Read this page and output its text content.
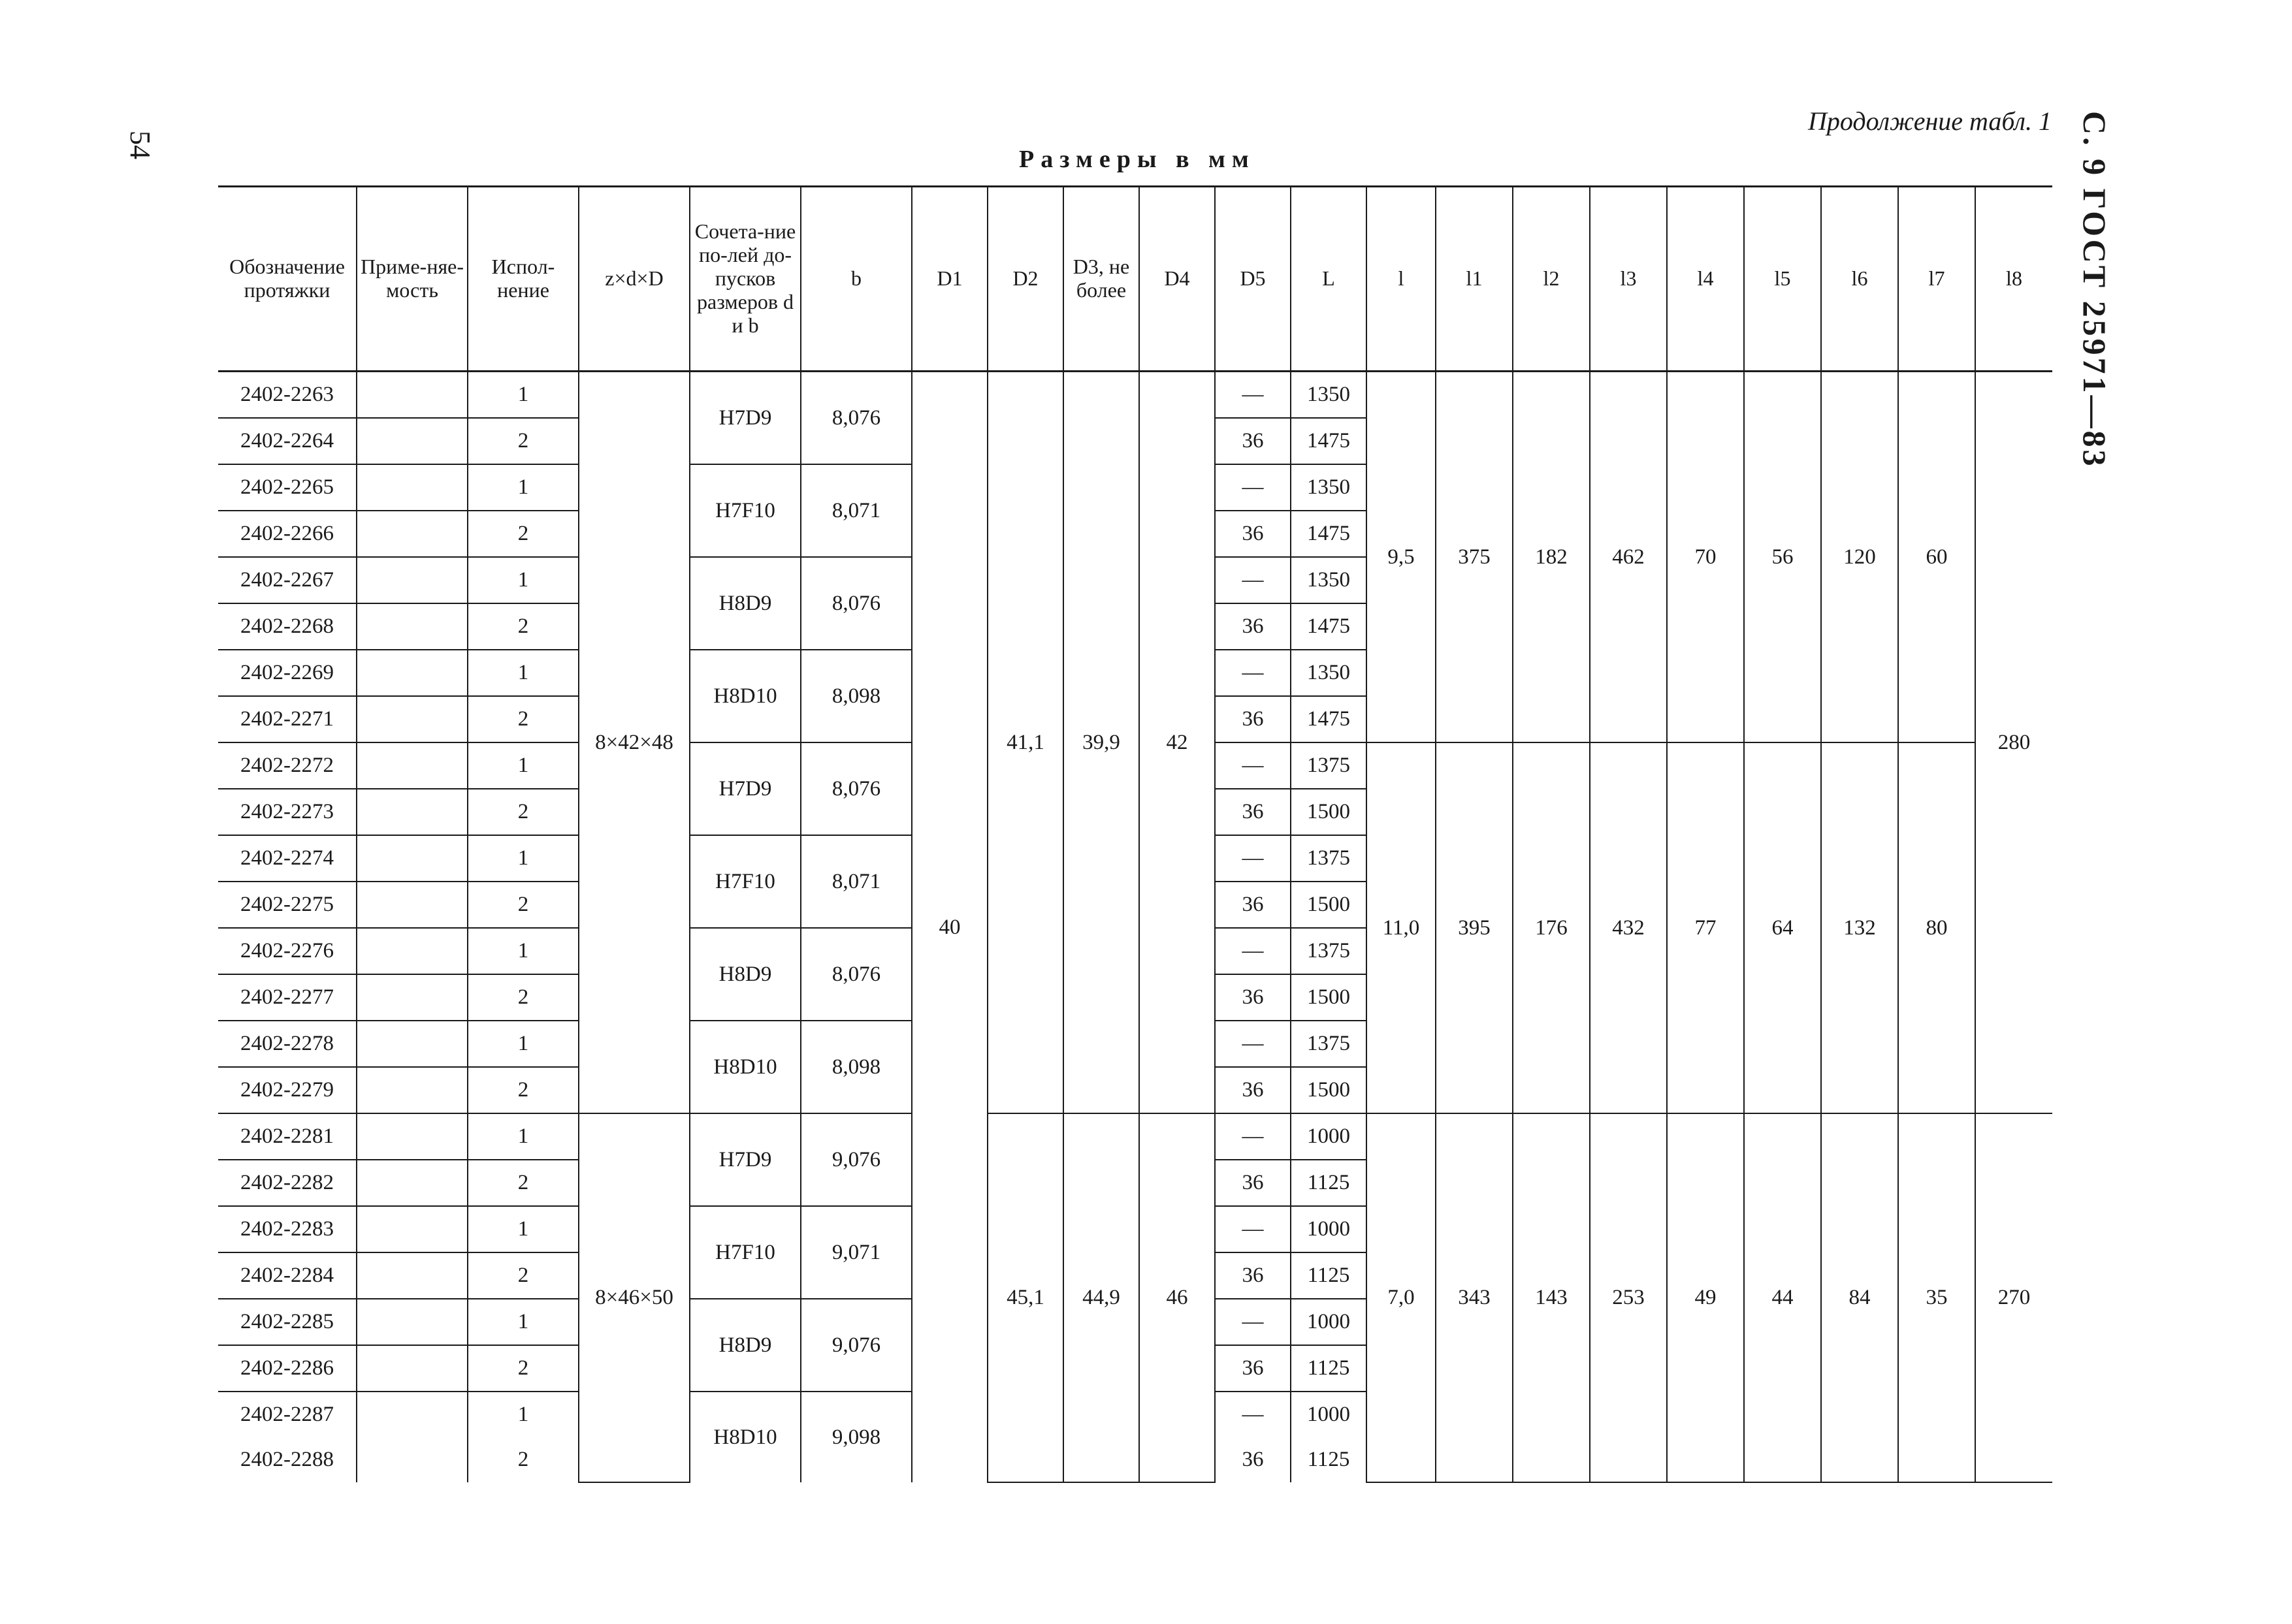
54
Продолжение табл. 1 С. 9 ГОСТ 25971—83
Размеры в мм
Обозначение протяжки	Приме-няе-мость	Испол-нение	z×d×D	Сочета-ние по-лей до-пусков размеров d и b	b	D1	D2	D3, не более	D4	D5	L	l	l1	l2	l3	l4	l5	l6	l7	l8
2402-2263		1	8×42×48	H7D9	8,076	40	41,1	39,9	42	—	1350	9,5	375	182	462	70	56	120	60	280
2402-2264		2								36	1475									
2402-2265		1		H7F10	8,071					—	1350									
2402-2266		2								36	1475									
2402-2267		1		H8D9	8,076					—	1350									
2402-2268		2								36	1475									
2402-2269		1		H8D10	8,098					—	1350									
2402-2271		2								36	1475									
2402-2272		1		H7D9	8,076					—	1375	11,0	395	176	432	77	64	132	80	
2402-2273		2								36	1500									
2402-2274		1		H7F10	8,071					—	1375									
2402-2275		2								36	1500									
2402-2276		1		H8D9	8,076					—	1375									
2402-2277		2								36	1500									
2402-2278		1		H8D10	8,098					—	1375									
2402-2279		2								36	1500									
2402-2281		1	8×46×50	H7D9	9,076		45,1	44,9	46	—	1000	7,0	343	143	253	49	44	84	35	270
2402-2282		2								36	1125									
2402-2283		1		H7F10	9,071					—	1000									
2402-2284		2								36	1125									
2402-2285		1		H8D9	9,076					—	1000									
2402-2286		2								36	1125									
2402-2287		1		H8D10	9,098					—	1000									
2402-2288		2								36	1125									
